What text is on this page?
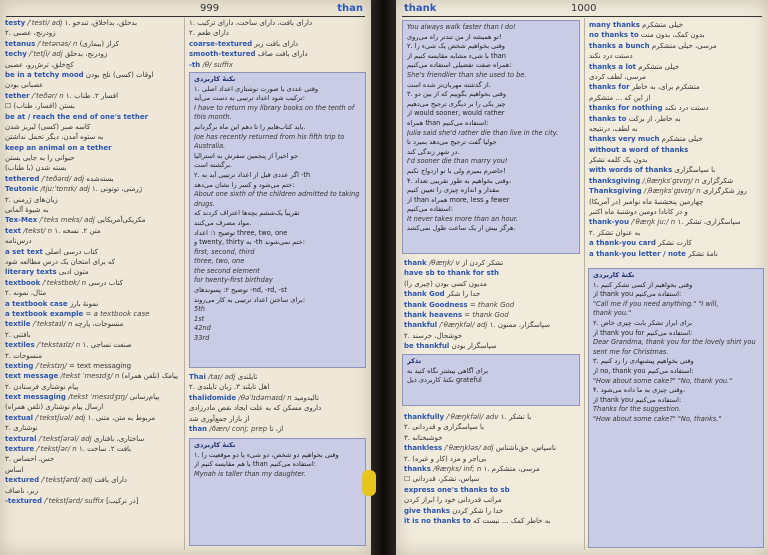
999	than
testy /ˈtesti/ adj ۱. بدخلق، بداخلاق، تندخو
۲. زودرنج، عصبی
tetanus /ˈtetənəs/ n (بیماری) کزاز
techy /ˈtetʃi/ adj زودرنج، بدخلق
کج‌خلق، ترش‌رو، عصبی
be in a tetchy mood اوقات (کسی) تلخ بودن
عصبانی بودن
tether /ˈteðər/ n ۱. افسار ۲. طناب
☐ (افسار، طناب) بستن
be at / reach the end of one's tether
کاسه صبر (کسی) لبریز شدن
به ستوه آمدن، دیگر تحمل نداشتن
keep an animal on a tether
حیوانی را به جایی بستن
(با طناب) بسته شدن
tethered /ˈteðərd/ adj بسته‌شده
Teutonic /tjuːˈtɒnɪk/ adj ۱. ژرمنی، توتونی
۲. زبان‌های ژرمنی
به شیوهٔ آلمانی
Tex-Mex /ˈteks meks/ adj مکزیکی‌آمریکایی
text /tekst/ n ۱. متن ۲. نسخه
درس‌نامه
a set text کتاب درسی اصلی
که برای امتحان یک درس مطالعه شود
literary texts متون ادبی
textbook /ˈtekstbʊk/ n کتاب درسی
۲. مثال، نمونه
a textbook case نمونهٔ بارز
a textbook example = a textbook case
textile /ˈtekstaɪl/ n منسوجات، پارچه
۲. بافتنی
textiles /ˈtekstaɪlz/ n ۱. صنعت نساجی
۲. منسوجات
texting /ˈtekstɪŋ/ = text messaging
text message /tekst ˈmesɪdʒ/ n (تلفن همراه) پیامک
۲. پیام نوشتاری فرستادن
text messaging /tekst ˈmesɪdʒɪŋ/ پیام‌رسانی
(تلفن همراه) ارسال پیام نوشتاری
textual /ˈtekstʃuəl/ adj ۱. مربوط به متن، متنی
۲. نوشتاری
textural /ˈtekstʃərəl/ adj ساختاری، بافتاری
texture /ˈtekstʃər/ n ۱. بافت ۲. ساخت
۳. حس، احساس
اساس
textured /ˈtekstʃərd/ adj دارای بافت
زبر، ناصاف
-textured /ˈtekstʃərd/ suffix [در ترکیب]
۱. دارای بافت، دارای ساخت، دارای ترکیب
۲. دارای طعم
coarse-textured دارای بافت زبر
smooth-textured دارای بافت صاف
-th /θ/ suffix
نکتهٔ کاربردی
۱. وقتی عددی با صورت نوشتاری اعداد اصلی
ترکیب شود اعداد ترتیبی به دست می‌آید:
I have to return my library books on the tenth of
this month.
باید کتاب‌هایم را تا دهم این ماه برگردانم.
Joe has recently returned from his fifth trip to
Australia.
جو اخیراً از پنجمین سفرش به استرالیا
برگشته است.
۲. اگر عددی قبل از اعداد ترتیبی آید به -th
ختم می‌شود و کسر را نشان می‌دهد:
About one sixth of the children admitted to taking
drugs.
تقریباً یک‌ششم بچه‌ها اعتراف کردند که
مواد مصرف می‌کنند.
توضیح ۱: اعداد three, two, one
و twenty, thirty به -th ختم نمی‌شوند:
first, second, third
three, two, one
the second element
for twenty-first birthday
توضیح ۲: پسوندهای -nd, -rd, -st
برای ساختن اعداد ترتیبی به کار می‌روند:
5th
1st
42nd
33rd
Thai /taɪ/ adj تایلندی
۲. اهل تایلند ۳. زبان تایلندی
thalidomide /θəˈlɪdəmaɪd/ n تالیدومید
داروی مسکن که به علت ایجاد نقص مادرزادی
از بازار جمع‌آوری شد
than /ðæn/ conj; prep از، تا
نکتهٔ کاربردی
۱. وقتی بخواهیم دو شخص، دو شیء یا دو موقعیت را
با هم مقایسه کنیم از than استفاده می‌کنیم:
Mynah is taller than my daughter.
thank	1000
You always walk faster than I do!
تو همیشه از من تندتر راه می‌روی!
۲. وقتی بخواهیم شخص یک شیء را
با شیء مشابه مقایسه کنیم از than
همراه صفت تفضیلی استفاده می‌کنیم:
She's friendlier than she used to be.
از گذشته مهربان‌تر شده است.
۳. وقتی بخواهیم بگوییم که از بین دو
چیز یکی را بر دیگری ترجیح می‌دهیم
از would sooner, would rather
همراه than استفاده می‌کنیم:
Julia said she'd rather die than live in the city.
جولیا گفت ترجیح می‌دهد بمیرد تا
در شهر زندگی کند.
I'd sooner die than marry you!
حاضرم بمیرم ولی با تو ازدواج نکنم!
۴. وقتی بخواهیم به طور تقریبی تعداد،
مقدار و اندازه چیزی را تعیین کنیم
از than همراه more, less و fewer
استفاده می‌کنیم:
It never takes more than an hour.
هرگز بیش از یک ساعت طول نمی‌کشد.
thank /θæŋk/ v تشکر کردن از
have sb to thank for sth
(چیزی را) مدیون کسی بودن
thank God خدا را شکر
thank Goodness = thank God
thank heavens = thank God
thankful /ˈθæŋkfəl/ adj ۱. سپاسگزار، ممنون
۲. خوشحال، خرسند
be thankful سپاسگزار بودن
تذکر
برای آگاهی بیشتر نگاه کنید به
نکتهٔ کاربردی ذیل grateful
thankfully /ˈθæŋkfəli/ adv ۱. با تشکر
۲. با سپاسگزاری و قدردانی
۳. خوشبختانه
thankless /ˈθæŋkləs/ adj ناسپاس، حق‌ناشناس
۲. (کار و غیره) بی‌اجر و مزد
thanks /θæŋks/ inf; n ۱. مرسی، متشکرم
☐ سپاس، تشکر، قدردانی
express one's thanks to sb
مراتب قدردانی خود را ابراز کردن
give thanks خدا را شکر کردن
it is no thanks to به خاطر کمک ... نیست که
many thanks خیلی متشکرم
no thanks to بدون کمک، بدون منت
thanks a bunch مرسی، خیلی متشکرم
دستت درد نکند
thanks a lot خیلی متشکرم
مرسی، لطف کردی
thanks for متشکرم برای، به خاطر
از این که ... متشکرم
thanks for nothing دستت درد نکند
thanks to به خاطر، از برکت
به لطف، درنتیجه
thanks very much خیلی متشکرم
without a word of thanks
بدون یک کلمه تشکر
with words of thanks با سپاسگزاری
thanksgiving /ˌθæŋksˈɡɪvɪŋ/ n شکرگزاری
Thanksgiving /ˌθæŋksˈɡɪvɪŋ/ n روز شکرگزاری
(در آمریکا) چهارمین پنجشنبهٔ ماه نوامبر
و در کانادا دومین دوشنبهٔ ماه اکتبر
thank-you /ˈθæŋk juː/ n ۱. سپاسگزاری، تشکر
۲. به عنوان تشکر
a thank-you card کارت تشکر
a thank-you letter / note نامهٔ تشکر
نکتهٔ کاربردی
۱. وقتی بخواهیم از کسی تشکر کنیم
از thank you استفاده می‌کنیم:
"Call me if you need anything." "I will,
thank you."
۲. برای ابراز تشکر بابت چیزی خاص
از thank you for استفاده می‌کنیم:
Dear Grandma, thank you for the lovely shirt you
sent me for Christmas.
۳. وقتی بخواهیم پیشنهادی را رد کنیم
از no, thank you استفاده می‌کنیم:
"How about some cake?" "No, thank you."
۴. وقتی چیزی به ما داده می‌شود،
از thank you استفاده می‌کنیم:
Thanks for the suggestion.
"How about some cake?" "No, thanks."
